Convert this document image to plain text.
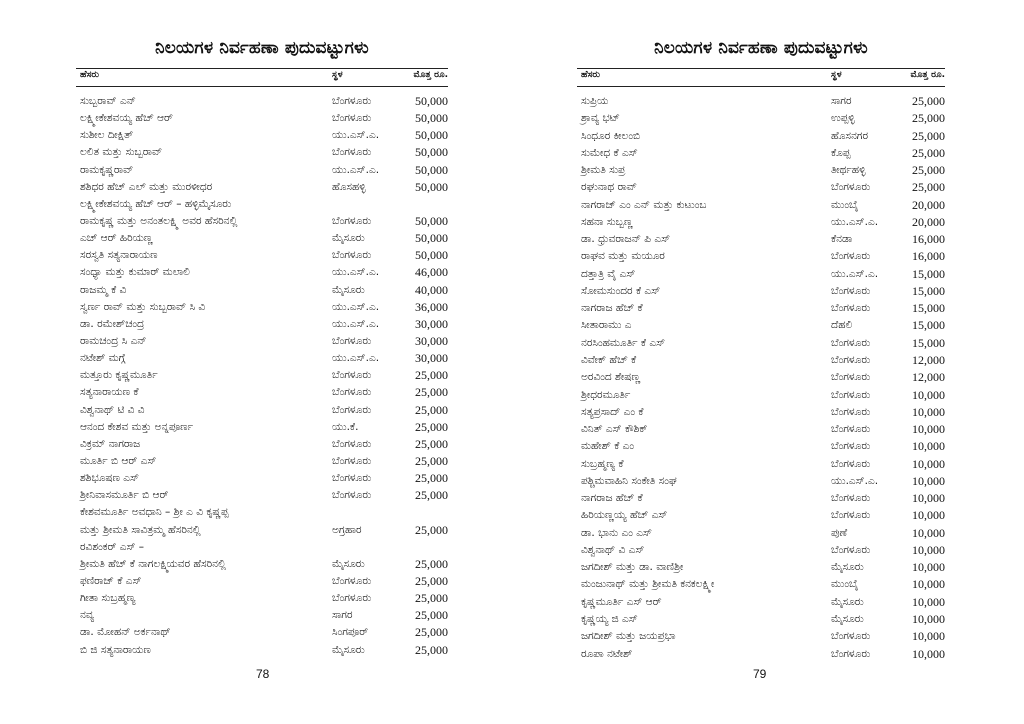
ನಿಲಯಗಳ ನಿರ್ವಹಣಾ ಪುದುವಟ್ಟುಗಳು
ಹೆಸರು	ಸ್ಥಳ	ಮೊತ್ತ ರೂ.
ಸುಬ್ಬರಾವ್ ಎನ್	ಬೆಂಗಳೂರು	50,000
ಲಕ್ಷ್ಮೀಕೇಶವಯ್ಯ ಹೆಚ್ ಆರ್	ಬೆಂಗಳೂರು	50,000
ಸುಶೀಲ ದೀಕ್ಷಿತ್	ಯು.ಎಸ್.ಎ.	50,000
ಲಲಿತ ಮತ್ತು ಸುಬ್ಬರಾವ್	ಬೆಂಗಳೂರು	50,000
ರಾಮಕೃಷ್ಣರಾವ್	ಯು.ಎಸ್.ಎ.	50,000
ಶಶಿಧರ ಹೆಚ್ ಎಲ್ ಮತ್ತು ಮುರಳೀಧರ	ಹೊಸಹಳ್ಳಿ	50,000
ಲಕ್ಷ್ಮೀಕೇಶವಯ್ಯ ಹೆಚ್ ಆರ್ – ಹಳ್ಳಿಮೈಸೂರು
ರಾಮಕೃಷ್ಣ ಮತ್ತು ಅನಂತಲಕ್ಷ್ಮಿ ಅವರ ಹೆಸರಿನಲ್ಲಿ	ಬೆಂಗಳೂರು	50,000
ಎಚ್ ಆರ್ ಹಿರಿಯಣ್ಣ	ಮೈಸೂರು	50,000
ಸರಸ್ವತಿ ಸತ್ಯನಾರಾಯಣ	ಬೆಂಗಳೂರು	50,000
ಸಂಧ್ಯಾ ಮತ್ತು ಕುಮಾರ್ ಮಲಾಲಿ	ಯು.ಎಸ್.ಎ.	46,000
ರಾಜಮ್ಮ ಕೆ ವಿ	ಮೈಸೂರು	40,000
ಸ್ವರ್ಣ ರಾವ್ ಮತ್ತು ಸುಬ್ಬರಾವ್ ಸಿ ವಿ	ಯು.ಎಸ್.ಎ.	36,000
ಡಾ. ರಮೇಶ್‌ಚಂದ್ರ	ಯು.ಎಸ್.ಎ.	30,000
ರಾಮಚಂದ್ರ ಸಿ ಎನ್	ಬೆಂಗಳೂರು	30,000
ನಟೇಶ್ ಮಗ್ಗೆ	ಯು.ಎಸ್.ಎ.	30,000
ಮತ್ತೂರು ಕೃಷ್ಣಮೂರ್ತಿ	ಬೆಂಗಳೂರು	25,000
ಸತ್ಯನಾರಾಯಣ ಕೆ	ಬೆಂಗಳೂರು	25,000
ವಿಶ್ವನಾಥ್ ಟಿ ವಿ ವಿ	ಬೆಂಗಳೂರು	25,000
ಆನಂದ ಕೇಶವ ಮತ್ತು ಅನ್ನಪೂರ್ಣ	ಯು.ಕೆ.	25,000
ವಿಕ್ರಮ್ ನಾಗರಾಜ	ಬೆಂಗಳೂರು	25,000
ಮೂರ್ತಿ ಬಿ ಆರ್ ಎಸ್	ಬೆಂಗಳೂರು	25,000
ಶಶಿಭೂಷಣ ಎಸ್	ಬೆಂಗಳೂರು	25,000
ಶ್ರೀನಿವಾಸಮೂರ್ತಿ ಬಿ ಆರ್	ಬೆಂಗಳೂರು	25,000
ಕೇಶವಮೂರ್ತಿ ಅವಧಾನಿ – ಶ್ರೀ ಎ ವಿ ಕೃಷ್ಣಪ್ಪ
ಮತ್ತು ಶ್ರೀಮತಿ ಸಾವಿತ್ರಮ್ಮ ಹೆಸರಿನಲ್ಲಿ	ಅಗ್ರಹಾರ	25,000
ರವಿಶಂಕರ್ ಎಸ್ –
ಶ್ರೀಮತಿ ಹೆಚ್ ಕೆ ನಾಗಲಕ್ಷ್ಮಿಯವರ ಹೆಸರಿನಲ್ಲಿ	ಮೈಸೂರು	25,000
ಫಣಿರಾಜ್ ಕೆ ಎಸ್	ಬೆಂಗಳೂರು	25,000
ಗೀತಾ ಸುಬ್ರಹ್ಮಣ್ಯ	ಬೆಂಗಳೂರು	25,000
ನವ್ಯ	ಸಾಗರ	25,000
ಡಾ. ಮೋಹನ್ ಅರ್ಕನಾಥ್	ಸಿಂಗಪೂರ್	25,000
ಬಿ ಜಿ ಸತ್ಯನಾರಾಯಣ	ಮೈಸೂರು	25,000
78
ನಿಲಯಗಳ ನಿರ್ವಹಣಾ ಪುದುವಟ್ಟುಗಳು
ಹೆಸರು	ಸ್ಥಳ	ಮೊತ್ತ ರೂ.
ಸುಪ್ರಿಯ	ಸಾಗರ	25,000
ಶ್ರಾವ್ಯ ಭಟ್	ಉಪ್ಪಳ್ಳಿ	25,000
ಸಿಂಧೂರ ಕೀಲಂಬಿ	ಹೊಸನಗರ	25,000
ಸುಮೇಧ ಕೆ ಎಸ್	ಕೊಪ್ಪ	25,000
ಶ್ರೀಮತಿ ಸುಪ್ರ	ತೀರ್ಥಹಳ್ಳಿ	25,000
ರಘುನಾಥ ರಾವ್	ಬೆಂಗಳೂರು	25,000
ನಾಗರಾಜ್ ಎಂ ಎನ್ ಮತ್ತು ಕುಟುಂಬ	ಮುಂಬೈ	20,000
ಸಹನಾ ಸುಬ್ಬಣ್ಣ	ಯು.ಎಸ್.ಎ.	20,000
ಡಾ. ಧ್ರುವರಾಜನ್ ಪಿ ಎಸ್	ಕೆನಡಾ	16,000
ರಾಘವ ಮತ್ತು ಮಯೂರ	ಬೆಂಗಳೂರು	16,000
ದತ್ತಾತ್ರಿ ವೈ ಎಸ್	ಯು.ಎಸ್.ಎ.	15,000
ಸೋಮಸುಂದರ ಕೆ ಎಸ್	ಬೆಂಗಳೂರು	15,000
ನಾಗರಾಜ ಹೆಚ್ ಕೆ	ಬೆಂಗಳೂರು	15,000
ಸೀತಾರಾಮು ಎ	ದೆಹಲಿ	15,000
ನರಸಿಂಹಮೂರ್ತಿ ಕೆ ಎಸ್	ಬೆಂಗಳೂರು	15,000
ವಿವೇಕ್ ಹೆಚ್ ಕೆ	ಬೆಂಗಳೂರು	12,000
ಅರವಿಂದ ಶೇಷಣ್ಣ	ಬೆಂಗಳೂರು	12,000
ಶ್ರೀಧರಮೂರ್ತಿ	ಬೆಂಗಳೂರು	10,000
ಸತ್ಯಪ್ರಸಾದ್ ಎಂ ಕೆ	ಬೆಂಗಳೂರು	10,000
ವಿನಿತ್ ಎಸ್ ಕೌಶಿಕ್	ಬೆಂಗಳೂರು	10,000
ಮಹೇಶ್ ಕೆ ಎಂ	ಬೆಂಗಳೂರು	10,000
ಸುಬ್ರಹ್ಮಣ್ಯ ಕೆ	ಬೆಂಗಳೂರು	10,000
ಪಶ್ಚಿಮವಾಹಿನಿ ಸಂಕೇತಿ ಸಂಘ	ಯು.ಎಸ್.ಎ.	10,000
ನಾಗರಾಜ ಹೆಚ್ ಕೆ	ಬೆಂಗಳೂರು	10,000
ಹಿರಿಯಣ್ಣಯ್ಯ ಹೆಚ್ ಎಸ್	ಬೆಂಗಳೂರು	10,000
ಡಾ. ಭಾನು ಎಂ ಎಸ್	ಪುಣೆ	10,000
ವಿಶ್ವನಾಥ್ ವಿ ಎಸ್	ಬೆಂಗಳೂರು	10,000
ಜಗದೀಶ್ ಮತ್ತು ಡಾ. ವಾಣಿಶ್ರೀ	ಮೈಸೂರು	10,000
ಮಂಜುನಾಥ್ ಮತ್ತು ಶ್ರೀಮತಿ ಕನಕಲಕ್ಷ್ಮೀ	ಮುಂಬೈ	10,000
ಕೃಷ್ಣಮೂರ್ತಿ ಎಸ್ ಆರ್	ಮೈಸೂರು	10,000
ಕೃಷ್ಣಯ್ಯ ಜಿ ಎಸ್	ಮೈಸೂರು	10,000
ಜಗದೀಶ್ ಮತ್ತು ಜಯಪ್ರಭಾ	ಬೆಂಗಳೂರು	10,000
ರೂಪಾ ನಟೇಶ್	ಬೆಂಗಳೂರು	10,000
79
